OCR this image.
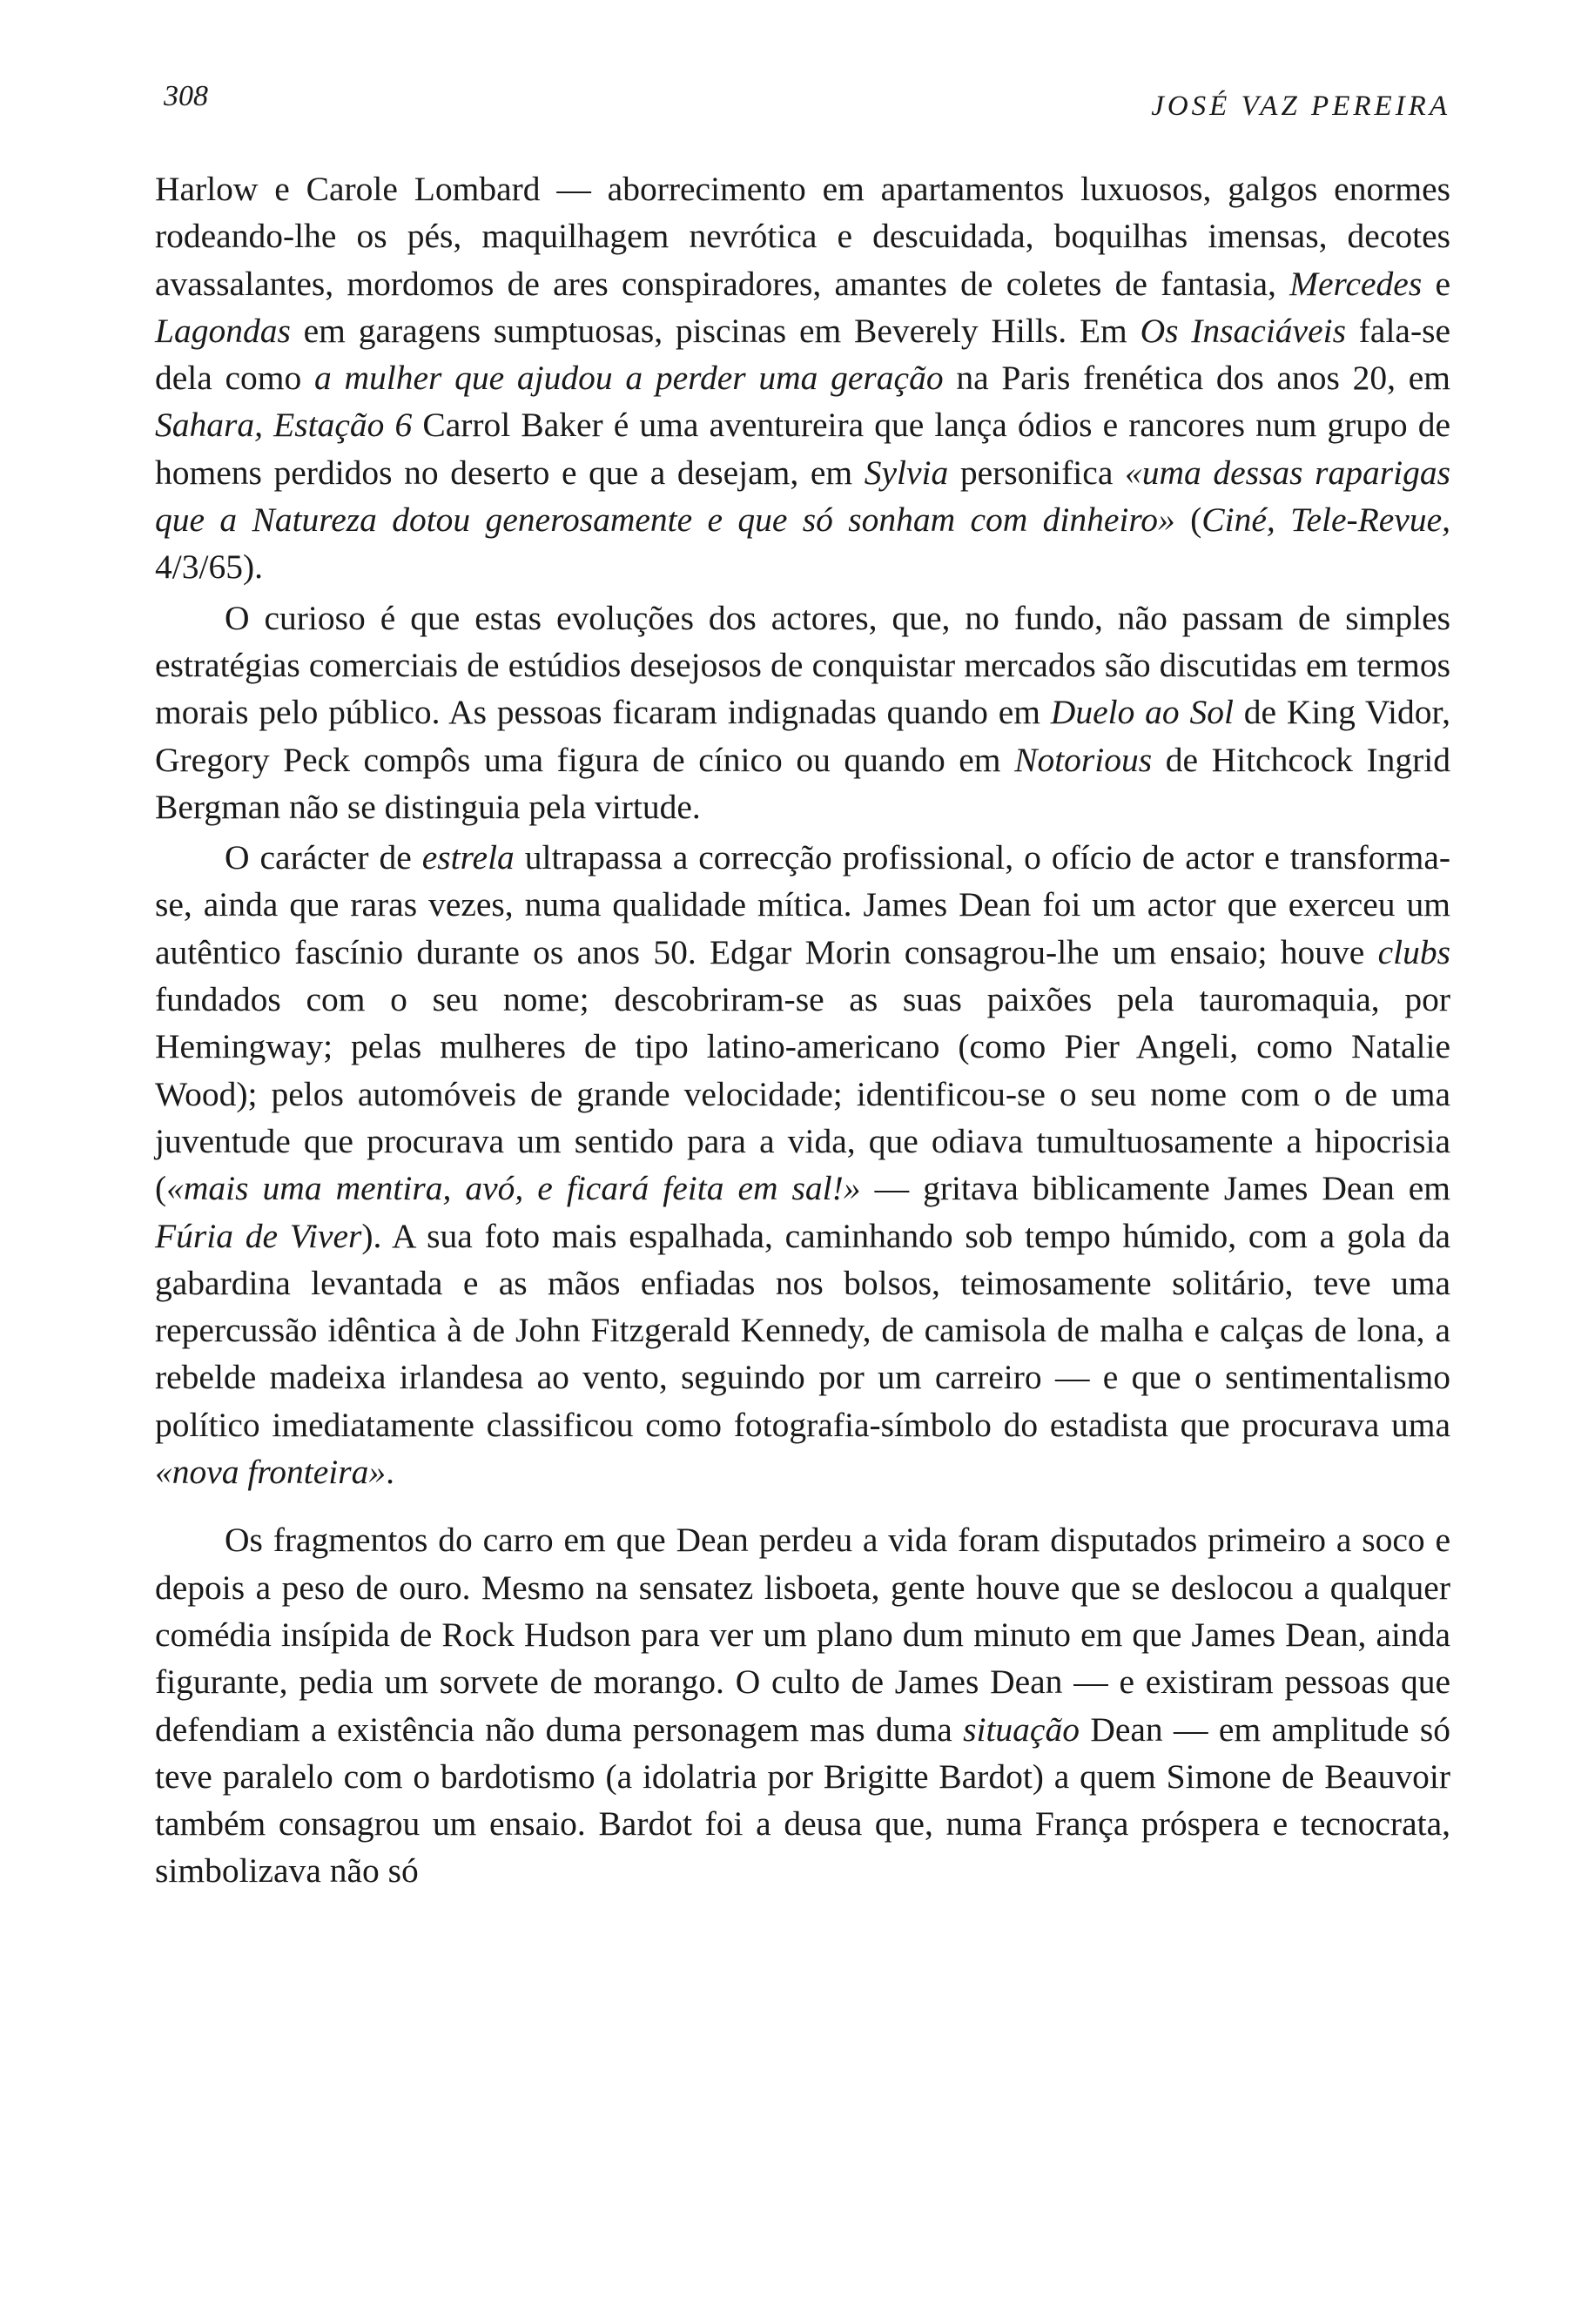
308	JOSÉ VAZ PEREIRA

Harlow e Carole Lombard — aborrecimento em apartamentos luxuosos, galgos enormes rodeando-lhe os pés, maquilhagem nevrótica e descuidada, boquilhas imensas, decotes avassalantes, mordomos de ares conspiradores, amantes de coletes de fantasia, Mercedes e Lagondas em garagens sumptuosas, piscinas em Beverely Hills. Em Os Insaciáveis fala-se dela como a mulher que ajudou a perder uma geração na Paris frenética dos anos 20, em Sahara, Estação 6 Carrol Baker é uma aventureira que lança ódios e rancores num grupo de homens perdidos no deserto e que a desejam, em Sylvia personifica «uma dessas raparigas que a Natureza dotou generosamente e que só sonham com dinheiro» (Ciné, Tele-Revue, 4/3/65).

O curioso é que estas evoluções dos actores, que, no fundo, não passam de simples estratégias comerciais de estúdios desejosos de conquistar mercados são discutidas em termos morais pelo público. As pessoas ficaram indignadas quando em Duelo ao Sol de King Vidor, Gregory Peck compôs uma figura de cínico ou quando em Notorious de Hitchcock Ingrid Bergman não se distinguia pela virtude.

O carácter de estrela ultrapassa a correcção profissional, o ofício de actor e transforma-se, ainda que raras vezes, numa qualidade mítica. James Dean foi um actor que exerceu um autêntico fascínio durante os anos 50. Edgar Morin consagrou-lhe um ensaio; houve clubs fundados com o seu nome; descobriram-se as suas paixões pela tauromaquia, por Hemingway; pelas mulheres de tipo latino-americano (como Pier Angeli, como Natalie Wood); pelos automóveis de grande velocidade; identificou-se o seu nome com o de uma juventude que procurava um sentido para a vida, que odiava tumultuosamente a hipocrisia («mais uma mentira, avó, e ficará feita em sal!» — gritava biblicamente James Dean em Fúria de Viver). A sua foto mais espalhada, caminhando sob tempo húmido, com a gola da gabardina levantada e as mãos enfiadas nos bolsos, teimosamente solitário, teve uma repercussão idêntica à de John Fitzgerald Kennedy, de camisola de malha e calças de lona, a rebelde madeixa irlandesa ao vento, seguindo por um carreiro — e que o sentimentalismo político imediatamente classificou como fotografia-símbolo do estadista que procurava uma «nova fronteira».

Os fragmentos do carro em que Dean perdeu a vida foram disputados primeiro a soco e depois a peso de ouro. Mesmo na sensatez lisboeta, gente houve que se deslocou a qualquer comédia insípida de Rock Hudson para ver um plano dum minuto em que James Dean, ainda figurante, pedia um sorvete de morango. O culto de James Dean — e existiram pessoas que defendiam a existência não duma personagem mas duma situação Dean — em amplitude só teve paralelo com o bardotismo (a idolatria por Brigitte Bardot) a quem Simone de Beauvoir também consagrou um ensaio. Bardot foi a deusa que, numa França próspera e tecnocrata, simbolizava não só
